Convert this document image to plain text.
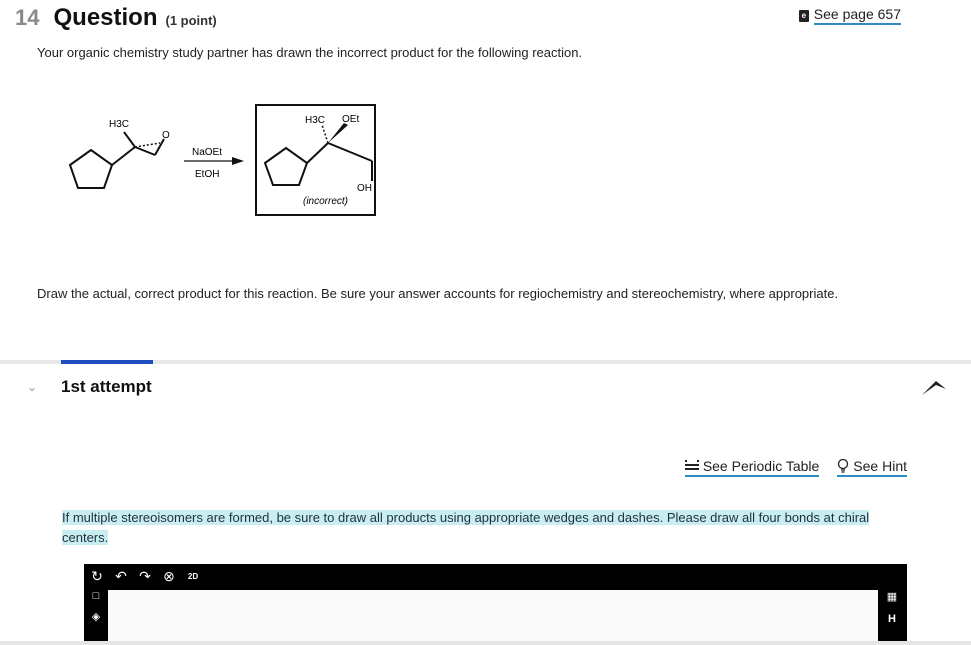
14 Question (1 point)	e See page 657
Your organic chemistry study partner has drawn the incorrect product for the following reaction.
H3C
O
NaOEt
EtOH
H3C OEt
OH
(incorrect)
Draw the actual, correct product for this reaction. Be sure your answer accounts for regiochemistry and stereochemistry, where appropriate.
⌄ 1st attempt
See Periodic Table See Hint
If multiple stereoisomers are formed, be sure to draw all products using appropriate wedges and dashes. Please draw all four bonds at chiral centers.
↻ ↶ ↷ ⊗	2D
□
◈
▦
H
